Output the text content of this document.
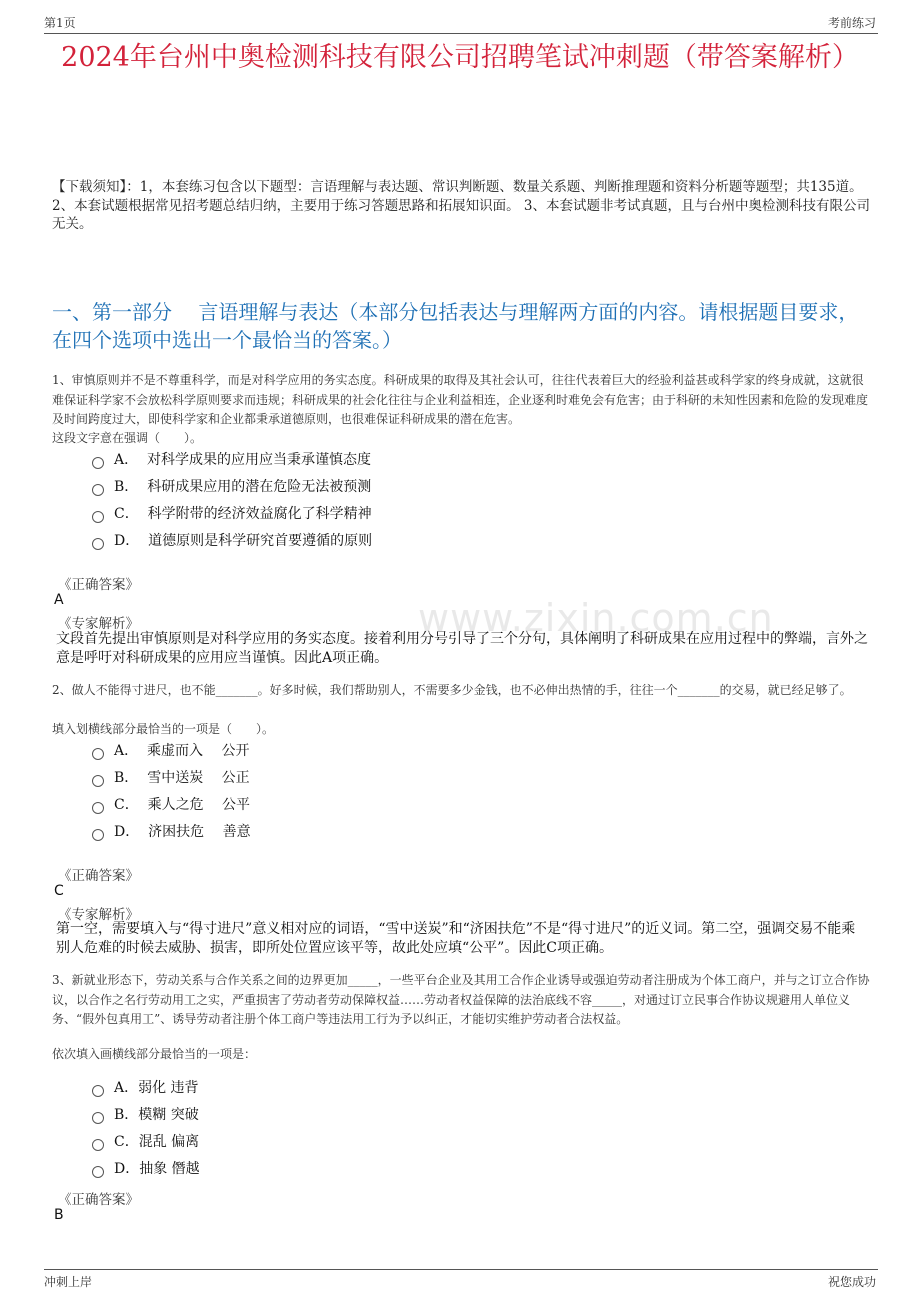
第1页	考前练习
www.zixin.com.cn
2024年台州中奥检测科技有限公司招聘笔试冲刺题（带答案解析）
【下载须知】：1，本套练习包含以下题型：言语理解与表达题、常识判断题、数量关系题、判断推理题和资料分析题等题型；共135道。 2、本套试题根据常见招考题总结归纳，主要用于练习答题思路和拓展知识面。 3、本套试题非考试真题，且与台州中奥检测科技有限公司无关。
一、第一部分　 言语理解与表达（本部分包括表达与理解两方面的内容。请根据题目要求，在四个选项中选出一个最恰当的答案。）
1、审慎原则并不是不尊重科学，而是对科学应用的务实态度。科研成果的取得及其社会认可，往往代表着巨大的经验利益甚或科学家的终身成就，这就很难保证科学家不会放松科学原则要求而违规；科研成果的社会化往往与企业利益相连，企业逐利时难免会有危害；由于科研的未知性因素和危险的发现难度及时间跨度过大，即使科学家和企业都秉承道德原则，也很难保证科研成果的潜在危害。
这段文字意在强调（　　）。
A．  对科学成果的应用应当秉承谨慎态度
B．  科研成果应用的潜在危险无法被预测
C．  科学附带的经济效益腐化了科学精神
D．  道德原则是科学研究首要遵循的原则
《正确答案》
A
《专家解析》
文段首先提出审慎原则是对科学应用的务实态度。接着利用分号引导了三个分句，具体阐明了科研成果在应用过程中的弊端，言外之意是呼吁对科研成果的应用应当谨慎。因此A项正确。
2、做人不能得寸进尺，也不能_______。好多时候，我们帮助别人，不需要多少金钱，也不必伸出热情的手，往往一个_______的交易，就已经足够了。
填入划横线部分最恰当的一项是（　　）。
A．  乘虚而入　 公开
B．  雪中送炭　 公正
C．  乘人之危　 公平
D．  济困扶危　 善意
《正确答案》
C
《专家解析》
第一空，需要填入与“得寸进尺”意义相对应的词语，“雪中送炭”和“济困扶危”不是“得寸进尺”的近义词。第二空，强调交易不能乘别人危难的时候去威胁、损害，即所处位置应该平等，故此处应填“公平”。因此C项正确。
3、新就业形态下，劳动关系与合作关系之间的边界更加_____，一些平台企业及其用工合作企业诱导或强迫劳动者注册成为个体工商户，并与之订立合作协议，以合作之名行劳动用工之实，严重损害了劳动者劳动保障权益……劳动者权益保障的法治底线不容_____，对通过订立民事合作协议规避用人单位义务、“假外包真用工”、诱导劳动者注册个体工商户等违法用工行为予以纠正，才能切实维护劳动者合法权益。
依次填入画横线部分最恰当的一项是：
A．弱化 违背
B．模糊 突破
C．混乱 偏离
D．抽象 僭越
《正确答案》
B
冲刺上岸	祝您成功
